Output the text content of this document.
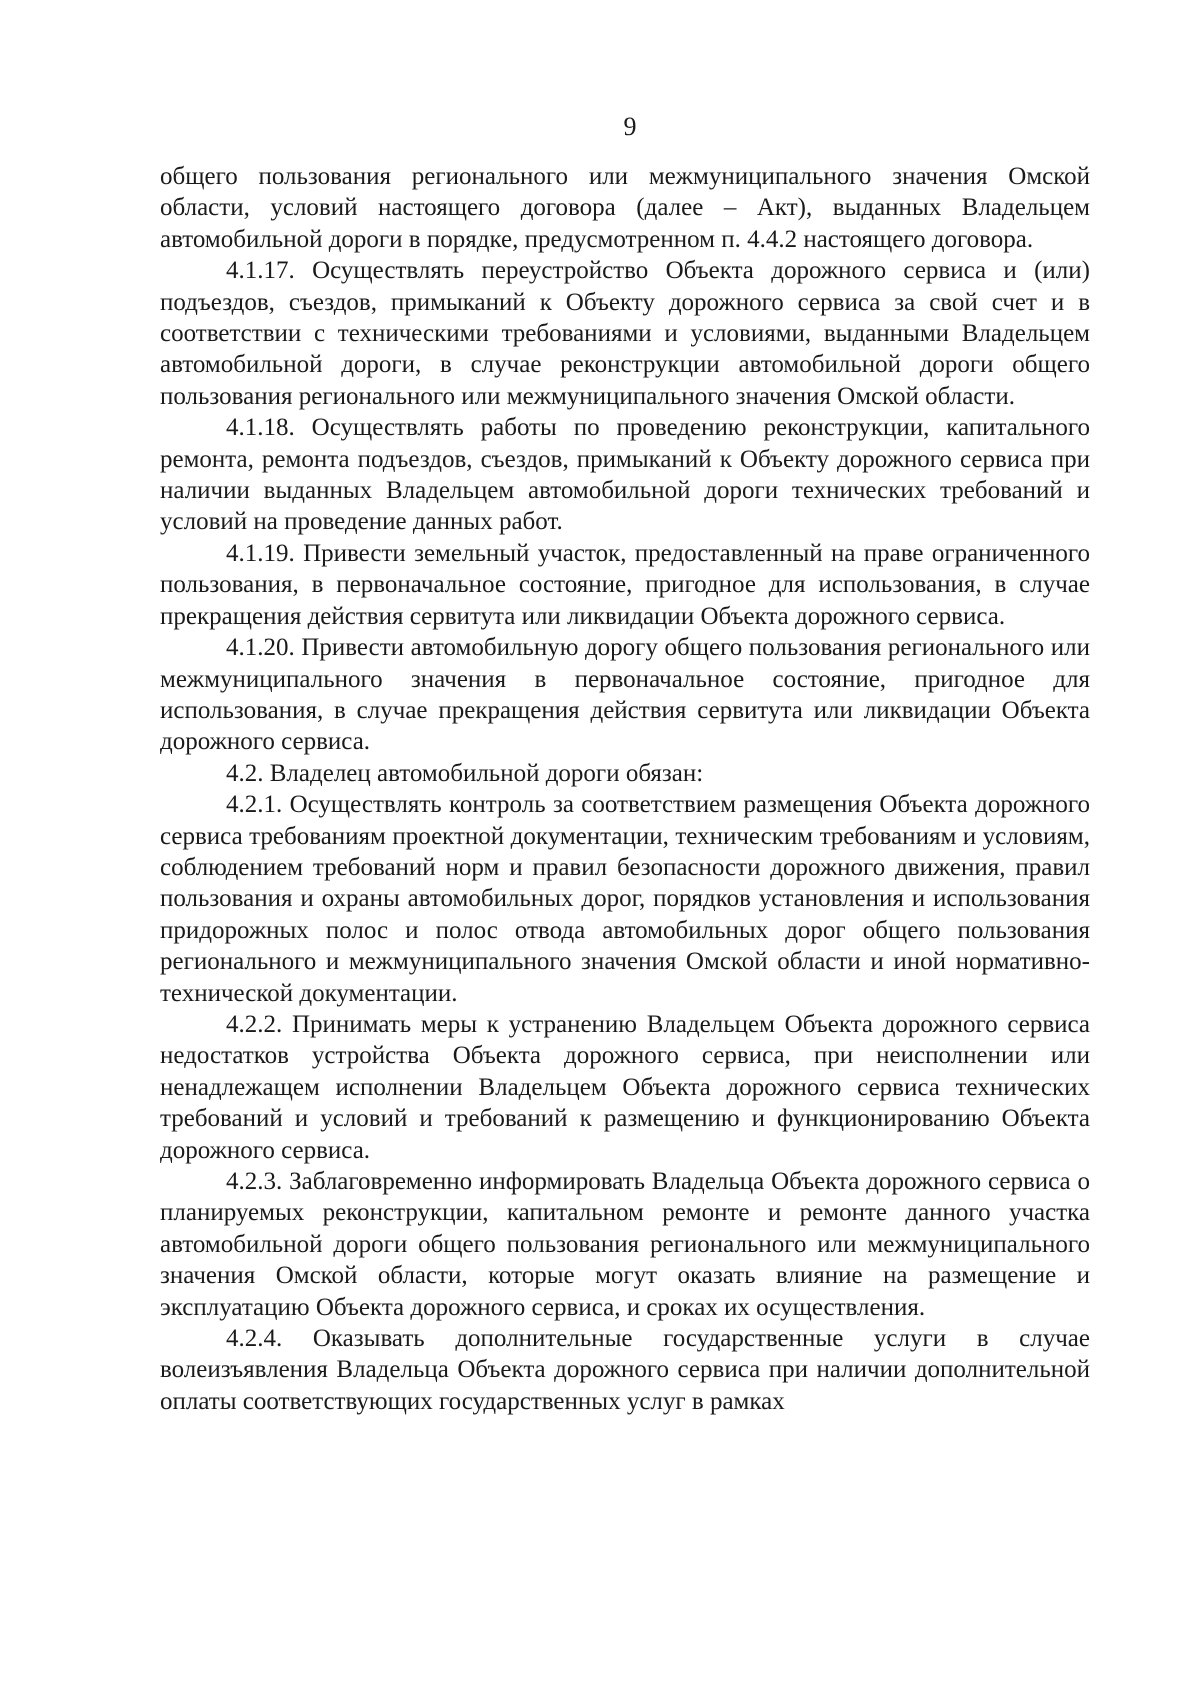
9

общего пользования регионального или межмуниципального значения Омской области, условий настоящего договора (далее – Акт), выданных Владельцем автомобильной дороги в порядке, предусмотренном п. 4.4.2 настоящего договора.

4.1.17. Осуществлять переустройство Объекта дорожного сервиса и (или) подъездов, съездов, примыканий к Объекту дорожного сервиса за свой счет и в соответствии с техническими требованиями и условиями, выданными Владельцем автомобильной дороги, в случае реконструкции автомобильной дороги общего пользования регионального или межмуниципального значения Омской области.

4.1.18. Осуществлять работы по проведению реконструкции, капитального ремонта, ремонта подъездов, съездов, примыканий к Объекту дорожного сервиса при наличии выданных Владельцем автомобильной дороги технических требований и условий на проведение данных работ.

4.1.19. Привести земельный участок, предоставленный на праве ограниченного пользования, в первоначальное состояние, пригодное для использования, в случае прекращения действия сервитута или ликвидации Объекта дорожного сервиса.

4.1.20. Привести автомобильную дорогу общего пользования регионального или межмуниципального значения в первоначальное состояние, пригодное для использования, в случае прекращения действия сервитута или ликвидации Объекта дорожного сервиса.

4.2. Владелец автомобильной дороги обязан:

4.2.1. Осуществлять контроль за соответствием размещения Объекта дорожного сервиса требованиям проектной документации, техническим требованиям и условиям, соблюдением требований норм и правил безопасности дорожного движения, правил пользования и охраны автомобильных дорог, порядков установления и использования придорожных полос и полос отвода автомобильных дорог общего пользования регионального и межмуниципального значения Омской области и иной нормативно-технической документации.

4.2.2. Принимать меры к устранению Владельцем Объекта дорожного сервиса недостатков устройства Объекта дорожного сервиса, при неисполнении или ненадлежащем исполнении Владельцем Объекта дорожного сервиса технических требований и условий и требований к размещению и функционированию Объекта дорожного сервиса.

4.2.3. Заблаговременно информировать Владельца Объекта дорожного сервиса о планируемых реконструкции, капитальном ремонте и ремонте данного участка автомобильной дороги общего пользования регионального или межмуниципального значения Омской области, которые могут оказать влияние на размещение и эксплуатацию Объекта дорожного сервиса, и сроках их осуществления.

4.2.4. Оказывать дополнительные государственные услуги в случае волеизъявления Владельца Объекта дорожного сервиса при наличии дополнительной оплаты соответствующих государственных услуг в рамках
